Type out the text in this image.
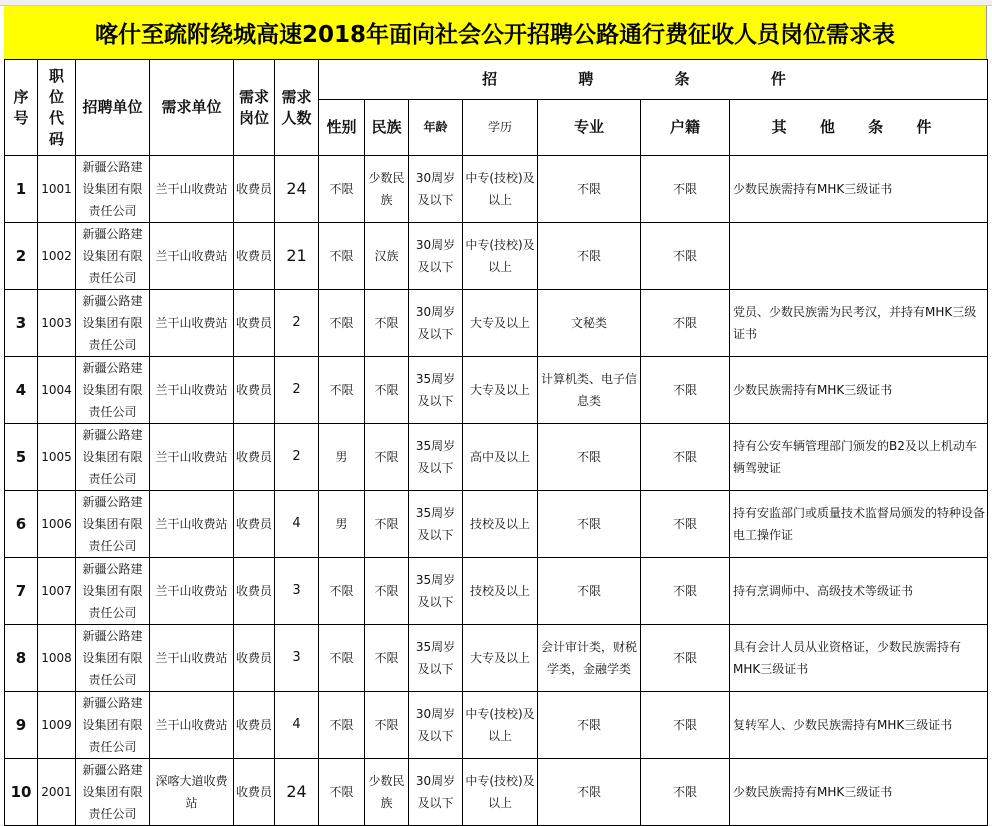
喀什至疏附绕城高速2018年面向社会公开招聘公路通行费征收人员岗位需求表
序号	职位代码	招聘单位	需求单位	需求岗位	需求人数	招 聘 条 件						
						性别	民族	年龄	学历	专业	户籍	其 他 条 件
1	1001	新疆公路建设集团有限责任公司	兰干山收费站	收费员	24	不限	少数民族	30周岁及以下	中专(技校)及以上	不限	不限	少数民族需持有MHK三级证书
2	1002	新疆公路建设集团有限责任公司	兰干山收费站	收费员	21	不限	汉族	30周岁及以下	中专(技校)及以上	不限	不限	
3	1003	新疆公路建设集团有限责任公司	兰干山收费站	收费员	2	不限	不限	30周岁及以下	大专及以上	文秘类	不限	党员、少数民族需为民考汉，并持有MHK三级证书
4	1004	新疆公路建设集团有限责任公司	兰干山收费站	收费员	2	不限	不限	35周岁及以下	大专及以上	计算机类、电子信息类	不限	少数民族需持有MHK三级证书
5	1005	新疆公路建设集团有限责任公司	兰干山收费站	收费员	2	男	不限	35周岁及以下	高中及以上	不限	不限	持有公安车辆管理部门颁发的B2及以上机动车辆驾驶证
6	1006	新疆公路建设集团有限责任公司	兰干山收费站	收费员	4	男	不限	35周岁及以下	技校及以上	不限	不限	持有安监部门或质量技术监督局颁发的特种设备电工操作证
7	1007	新疆公路建设集团有限责任公司	兰干山收费站	收费员	3	不限	不限	35周岁及以下	技校及以上	不限	不限	持有烹调师中、高级技术等级证书
8	1008	新疆公路建设集团有限责任公司	兰干山收费站	收费员	3	不限	不限	35周岁及以下	大专及以上	会计审计类，财税学类，金融学类	不限	具有会计人员从业资格证，少数民族需持有MHK三级证书
9	1009	新疆公路建设集团有限责任公司	兰干山收费站	收费员	4	不限	不限	30周岁及以下	中专(技校)及以上	不限	不限	复转军人、少数民族需持有MHK三级证书
10	2001	新疆公路建设集团有限责任公司	深喀大道收费站	收费员	24	不限	少数民族	30周岁及以下	中专(技校)及以上	不限	不限	少数民族需持有MHK三级证书
